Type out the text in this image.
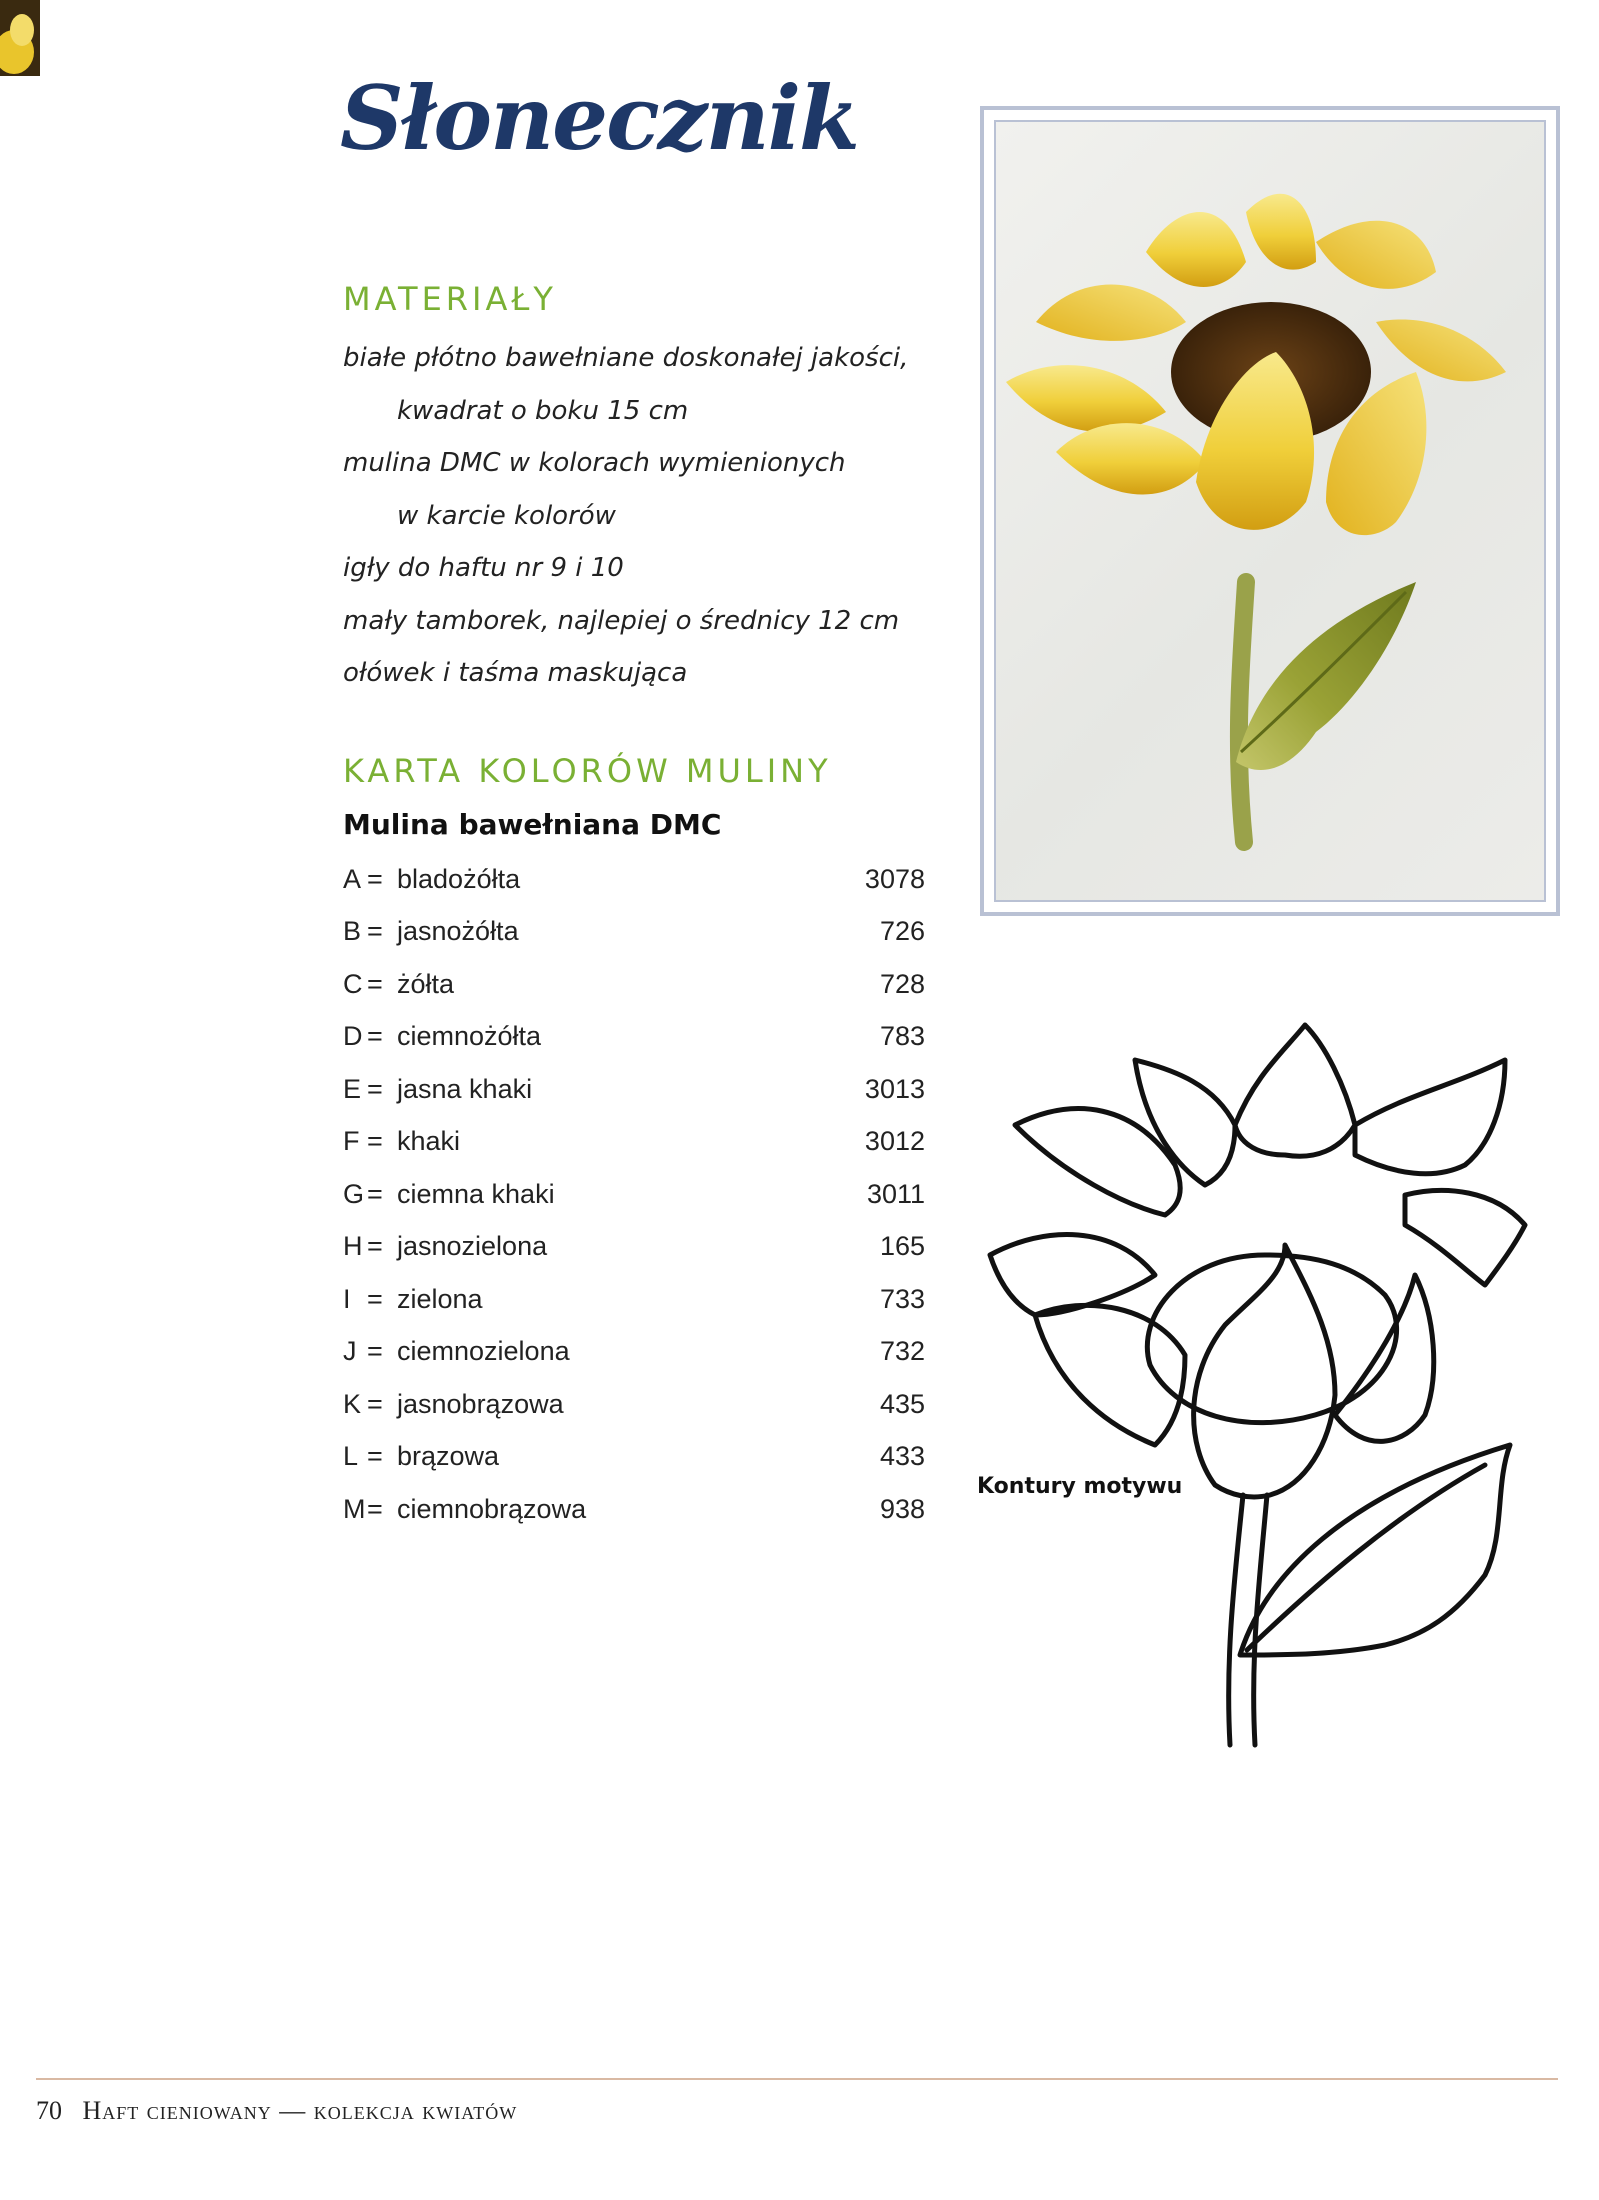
Słonecznik
MATERIAŁY
białe płótno bawełniane doskonałej jakości,
kwadrat o boku 15 cm
mulina DMC w kolorach wymienionych
w karcie kolorów
igły do haftu nr 9 i 10
mały tamborek, najlepiej o średnicy 12 cm
ołówek i taśma maskująca
KARTA KOLORÓW MULINY
Mulina bawełniana DMC
A	=	bladożółta	3078
B	=	jasnożółta	726
C	=	żółta	728
D	=	ciemnożółta	783
E	=	jasna khaki	3013
F	=	khaki	3012
G	=	ciemna khaki	3011
H	=	jasnozielona	165
I	=	zielona	733
J	=	ciemnozielona	732
K	=	jasnobrązowa	435
L	=	brązowa	433
M	=	ciemnobrązowa	938

Kontury motywu

70 Haft cieniowany — kolekcja kwiatów
